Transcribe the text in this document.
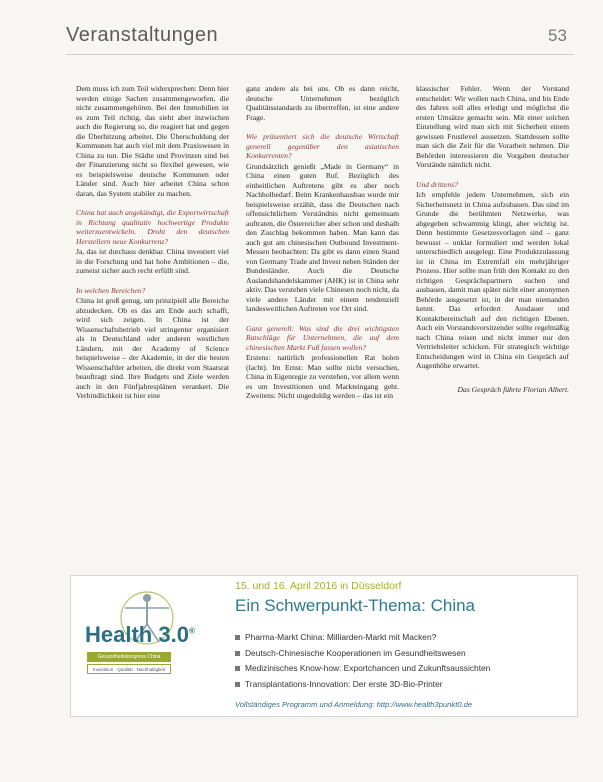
Veranstaltungen	53

Dem muss ich zum Teil widersprechen: Denn hier werden einige Sachen zusammengeworfen, die nicht zusammengehören. Bei den Immobilien ist es zum Teil richtig, das sieht aber inzwischen auch die Regierung so, die reagiert hat und gegen die Überhitzung arbeitet. Die Überschuldung der Kommunen hat auch viel mit dem Praxiswesen in China zu tun. Die Städte und Provinzen sind bei der Finanzierung nicht so flexibel gewesen, wie es beispielsweise deutsche Kommunen oder Länder sind. Auch hier arbeitet China schon daran, das System stabiler zu machen.

China hat auch angekündigt, die Exportwirtschaft in Richtung qualitativ hochwertige Produkte weiterzuentwickeln. Droht den deutschen Herstellern neue Konkurrenz?

Ja, das ist durchaus denkbar. China investiert viel in die Forschung und hat hohe Ambitionen – die, zumeist sicher auch recht erfüllt sind.

In welchen Bereichen?

China ist groß genug, um prinzipiell alle Bereiche abzudecken. Ob es das am Ende auch schafft, wird sich zeigen. In China ist der Wissenschaftsbetrieb viel stringenter organisiert als in Deutschland oder anderen westlichen Ländern, mit der Academy of Science beispielsweise – der Akademie, in der die besten Wissenschaftler arbeiten, die direkt vom Staatsrat beauftragt sind. Ihre Budgets und Ziele werden auch in den Fünfjahresplänen verankert. Die Verbindlichkeit ist hier eine

ganz andere als bei uns. Ob es dann reicht, deutsche Unternehmen bezüglich Qualitätsstandards zu übertreffen, ist eine andere Frage.

Wie präsentiert sich die deutsche Wirtschaft generell gegenüber den asiatischen Konkurrenten?

Grundsätzlich genießt „Made in Germany“ in China einen guten Ruf. Bezüglich des einheitlichen Auftretens gibt es aber noch Nachholbedarf. Beim Krankenhausbau wurde mir beispielsweise erzählt, dass die Deutschen nach offensichtlichem Verständnis nicht gemeinsam auftraten, die Österreicher aber schon und deshalb den Zuschlag bekommen haben. Man kann das auch gut am chinesischen Outbound Investment-Messen beobachten: Da gibt es dann einen Stand von Germany Trade and Invest neben Ständen der Bundesländer. Auch die Deutsche Auslandshandelskammer (AHK) ist in China sehr aktiv. Das verstehen viele Chinesen noch nicht, da viele andere Länder mit einem tendenziell landesweitlichen Auftreten vor Ort sind.

Ganz generell: Was sind die drei wichtigsten Ratschläge für Unternehmen, die auf dem chinesischen Markt Fuß fassen wollen?

Erstens: natürlich professionellen Rat holen (lacht). Im Ernst: Man sollte nicht versuchen, China in Eigenregie zu verstehen, vor allem wenn es um Investitionen und Markteingang geht. Zweitens: Nicht ungeduldig werden – das ist ein

klassischer Fehler. Wenn der Vorstand entscheidet: Wir wollen nach China, und bis Ende des Jahres soll alles erledigt und möglichst die ersten Umsätze gemacht sein. Mit einer solchen Einstellung wird man sich mit Sicherheit einem gewissen Frustlevel aussetzen. Stattdessen sollte man sich die Zeit für die Vorarbeit nehmen. Die Behörden interessieren die Vorgaben deutscher Vorstände nämlich nicht.

Und drittens?

Ich empfehle jedem Unternehmen, sich ein Sicherheitsnetz in China aufzubauen. Das sind im Grunde die berühmten Netzwerke, was abgegeben schwammig klingt, aber wichtig ist. Denn bestimmte Gesetzesvorlagen sind – ganz bewusst – unklar formuliert und werden lokal unterschiedlich ausgelegt. Eine Produktzulassung ist in China im Extremfall ein mehrjähriger Prozess. Hier sollte man früh den Kontakt zu den richtigen Gesprächspartnern suchen und ausbauen, damit man später nicht einer anonymen Behörde ausgesetzt ist, in der man niemanden kennt. Das erfordert Ausdauer und Kontaktbereitschaft auf den richtigen Ebenen. Auch ein Vorstandsvorsitzender sollte regelmäßig nach China reisen und nicht immer nur den Vertriebsleiter schicken. Für strategisch wichtige Entscheidungen wird in China ein Gespräch auf Augenhöhe erwartet.

Das Gespräch führte Florian Albert.

Health 3.0®
Gesundheitskongress China
Investition · Qualität · Nachhaltigkeit
15. und 16. April 2016 in Düsseldorf
Ein Schwerpunkt-Thema: China
Pharma-Markt China: Milliarden-Markt mit Macken?
Deutsch-Chinesische Kooperationen im Gesundheitswesen
Medizinisches Know-how: Exportchancen und Zukunftsaussichten
Transplantations-Innovation: Der erste 3D-Bio-Printer
Vollständiges Programm und Anmeldung: http://www.health3punkt0.de
